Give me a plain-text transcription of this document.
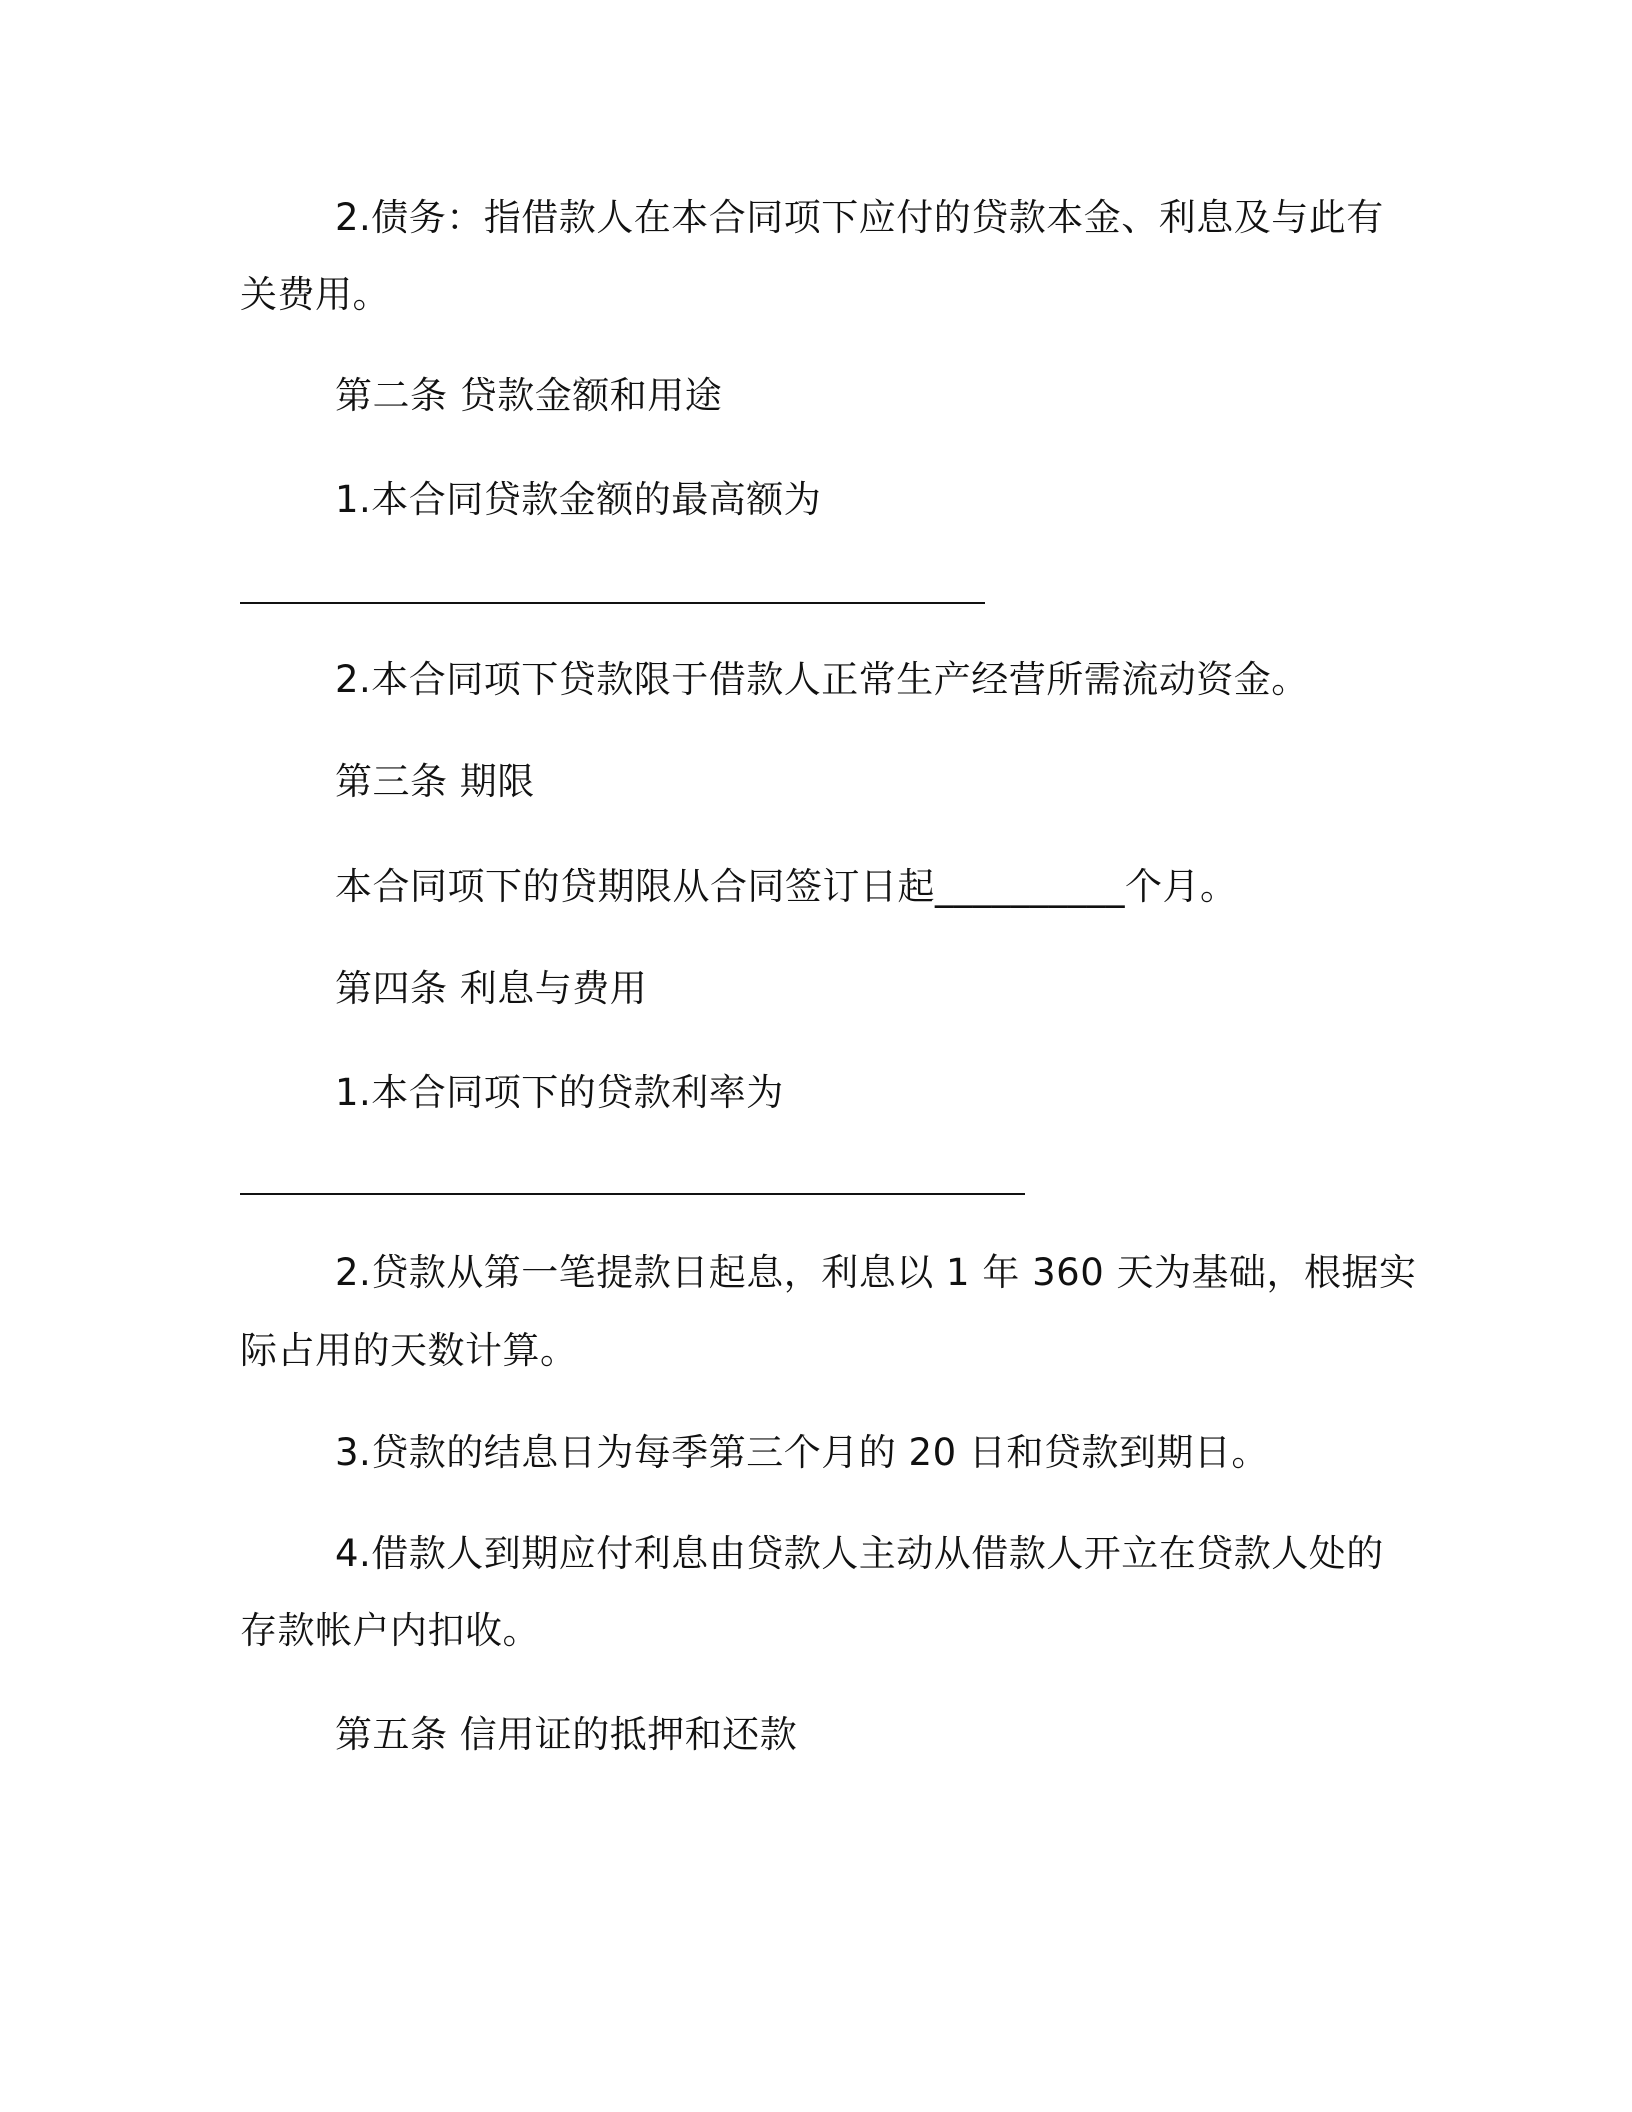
2.债务：指借款人在本合同项下应付的贷款本金、利息及与此有
关费用。
第二条 贷款金额和用途
1.本合同贷款金额的最高额为
2.本合同项下贷款限于借款人正常生产经营所需流动资金。
第三条 期限
本合同项下的贷期限从合同签订日起__________个月。
第四条 利息与费用
1.本合同项下的贷款利率为
2.贷款从第一笔提款日起息，利息以 1 年 360 天为基础，根据实
际占用的天数计算。
3.贷款的结息日为每季第三个月的 20 日和贷款到期日。
4.借款人到期应付利息由贷款人主动从借款人开立在贷款人处的
存款帐户内扣收。
第五条 信用证的抵押和还款
